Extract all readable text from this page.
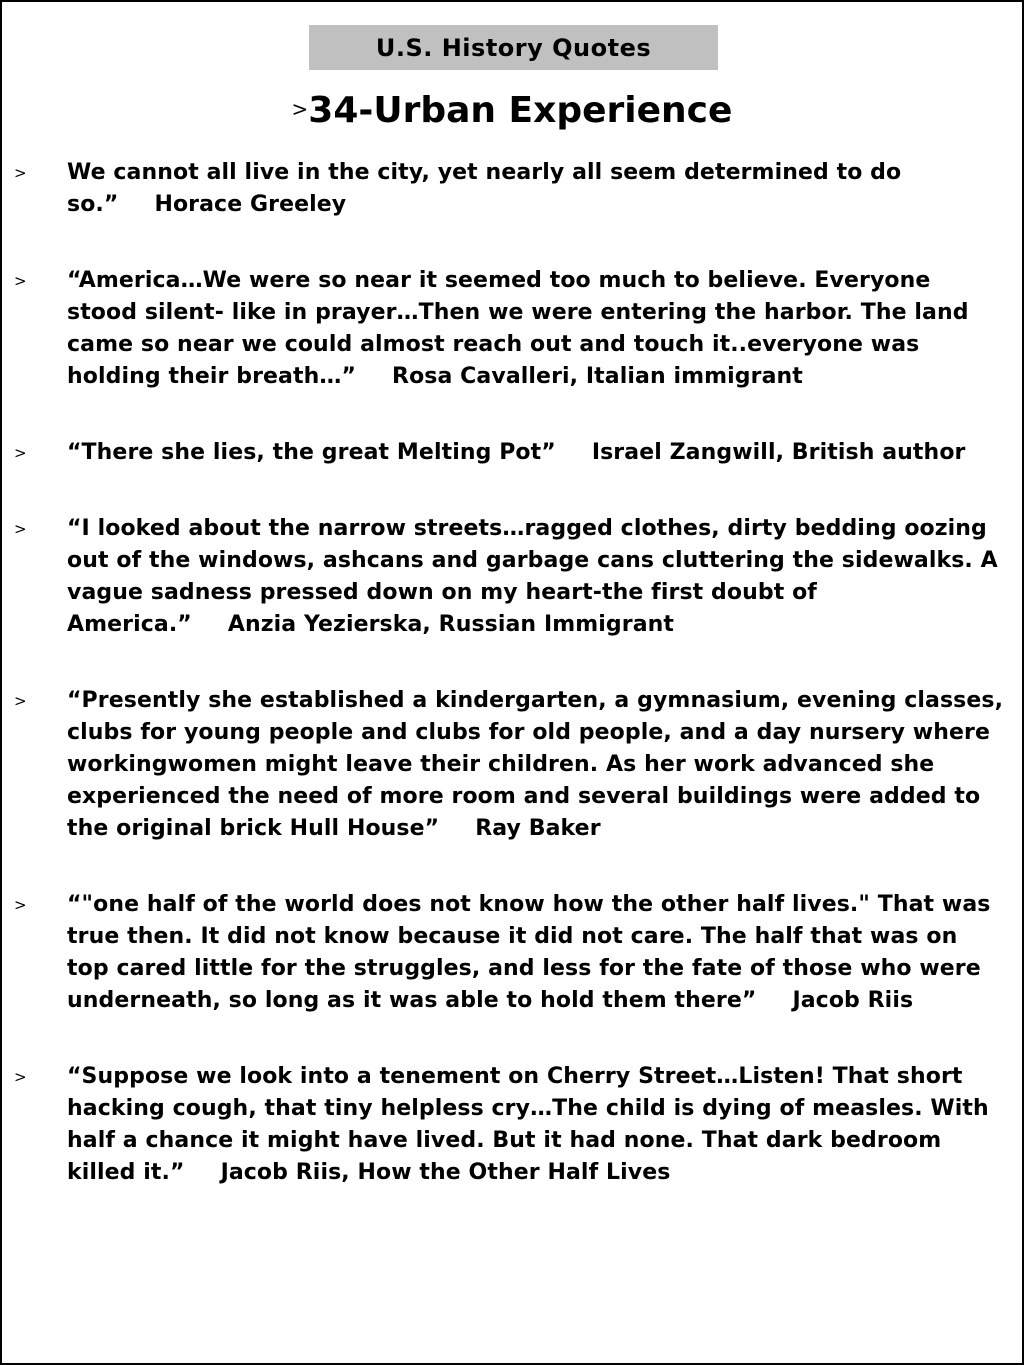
U.S. History Quotes
>34-Urban Experience
> We cannot all live in the city, yet nearly all seem determined to do so.” Horace Greeley
> “America…We were so near it seemed too much to believe. Everyone stood silent- like in prayer…Then we were entering the harbor. The land came so near we could almost reach out and touch it..everyone was holding their breath…” Rosa Cavalleri, Italian immigrant
> “There she lies, the great Melting Pot” Israel Zangwill, British author
> “I looked about the narrow streets…ragged clothes, dirty bedding oozing out of the windows, ashcans and garbage cans cluttering the sidewalks. A vague sadness pressed down on my heart-the first doubt of America.” Anzia Yezierska, Russian Immigrant
> “Presently she established a kindergarten, a gymnasium, evening classes, clubs for young people and clubs for old people, and a day nursery where workingwomen might leave their children. As her work advanced she experienced the need of more room and several buildings were added to the original brick Hull House” Ray Baker
> “"one half of the world does not know how the other half lives." That was true then. It did not know because it did not care. The half that was on top cared little for the struggles, and less for the fate of those who were underneath, so long as it was able to hold them there” Jacob Riis
> “Suppose we look into a tenement on Cherry Street…Listen! That short hacking cough, that tiny helpless cry…The child is dying of measles. With half a chance it might have lived. But it had none. That dark bedroom killed it.” Jacob Riis, How the Other Half Lives
